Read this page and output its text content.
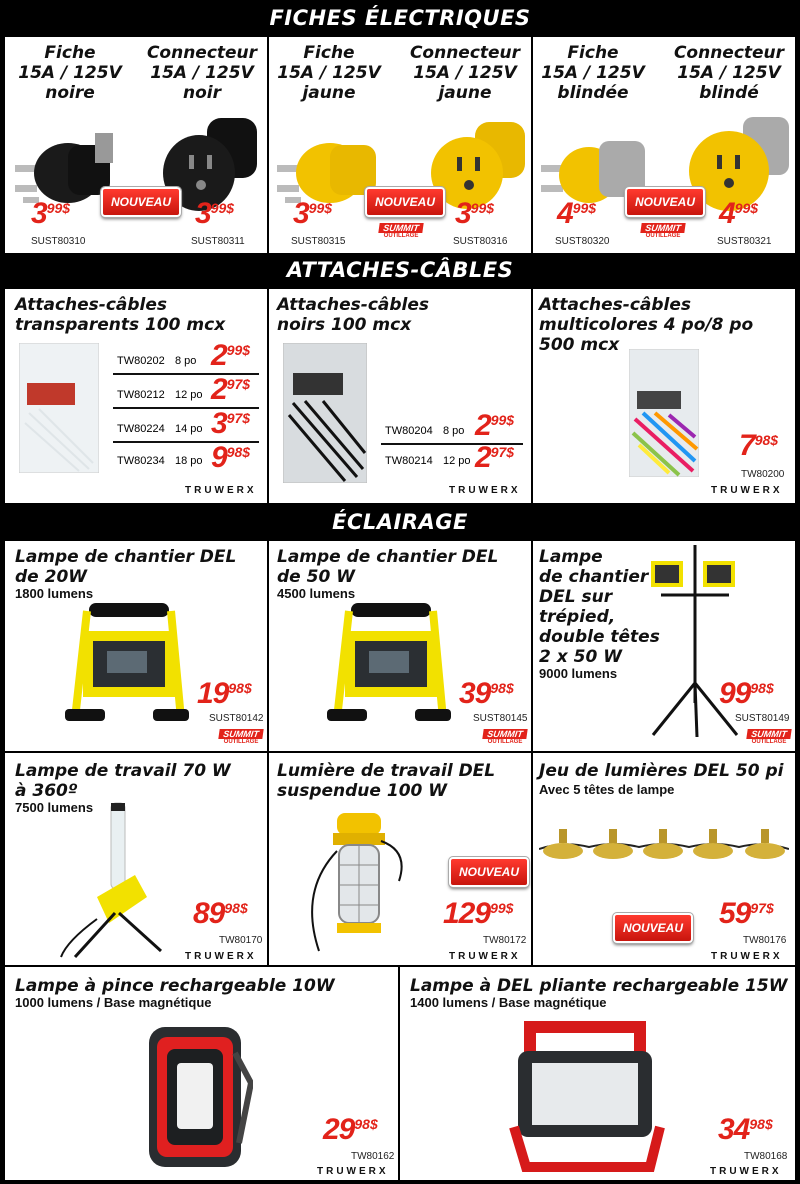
FICHES ÉLECTRIQUES
Fiche
15A / 125V
noire
Connecteur
15A / 125V
noir
399$	399$
NOUVEAU
SUST80310	SUST80311
Fiche
15A / 125V
jaune
Connecteur
15A / 125V
jaune
399$	399$
NOUVEAU
SUMMIT
OUTILLAGE
SUST80315	SUST80316
Fiche
15A / 125V
blindée
Connecteur
15A / 125V
blindé
499$	499$
NOUVEAU
SUMMIT
OUTILLAGE
SUST80320	SUST80321
ATTACHES-CÂBLES
Attaches-câbles
transparents 100 mcx
TW80202 8 po 299$
TW80212 12 po 297$
TW80224 14 po 397$
TW80234 18 po 998$
TRUWERX
Attaches-câbles
noirs 100 mcx
TW80204 8 po 299$
TW80214 12 po 297$
TRUWERX
Attaches-câbles
multicolores 4 po/8 po
500 mcx
798$
TW80200
TRUWERX
ÉCLAIRAGE
Lampe de chantier DEL
de 20W
1800 lumens
1998$
SUST80142
SUMMIT
OUTILLAGE
Lampe de chantier DEL
de 50 W
4500 lumens
3998$
SUST80145
SUMMIT
OUTILLAGE
Lampe
de chantier
DEL sur
trépied,
double têtes
2 x 50 W
9000 lumens
9998$
SUST80149
SUMMIT
OUTILLAGE
Lampe de travail 70 W
à 360º
7500 lumens
8998$
TW80170
TRUWERX
Lumière de travail DEL
suspendue 100 W
NOUVEAU
12999$
TW80172
TRUWERX
Jeu de lumières DEL 50 pi
Avec 5 têtes de lampe
NOUVEAU	5997$
TW80176
TRUWERX
Lampe à pince rechargeable 10W
1000 lumens / Base magnétique
2998$
TW80162
TRUWERX
Lampe à DEL pliante rechargeable 15W
1400 lumens / Base magnétique
3498$
TW80168
TRUWERX
